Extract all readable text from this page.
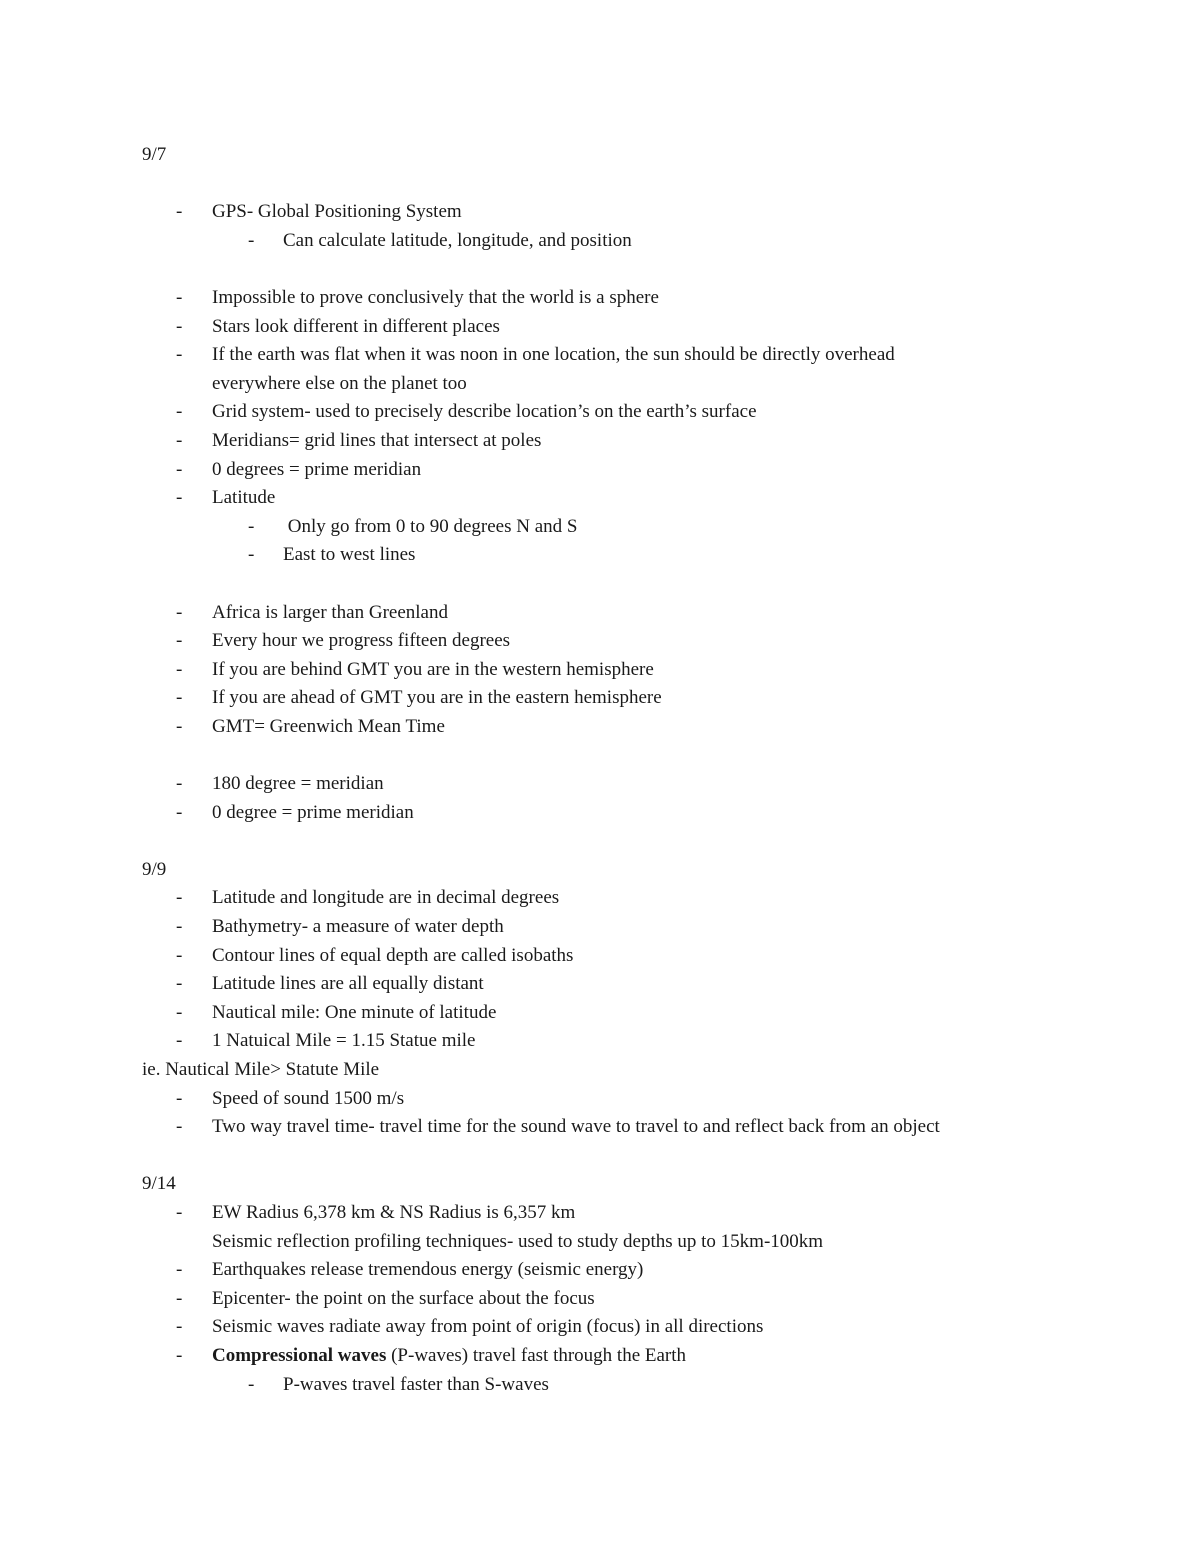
9/7
- GPS- Global Positioning System
- Can calculate latitude, longitude, and position
- Impossible to prove conclusively that the world is a sphere
- Stars look different in different places
- If the earth was flat when it was noon in one location, the sun should be directly overhead
everywhere else on the planet too
- Grid system- used to precisely describe location’s on the earth’s surface
- Meridians= grid lines that intersect at poles
- 0 degrees = prime meridian
- Latitude
- Only go from 0 to 90 degrees N and S
- East to west lines
- Africa is larger than Greenland
- Every hour we progress fifteen degrees
- If you are behind GMT you are in the western hemisphere
- If you are ahead of GMT you are in the eastern hemisphere
- GMT= Greenwich Mean Time
- 180 degree = meridian
- 0 degree = prime meridian
9/9
- Latitude and longitude are in decimal degrees
- Bathymetry- a measure of water depth
- Contour lines of equal depth are called isobaths
- Latitude lines are all equally distant
- Nautical mile: One minute of latitude
- 1 Natuical Mile = 1.15 Statue mile
ie. Nautical Mile> Statute Mile
- Speed of sound 1500 m/s
- Two way travel time- travel time for the sound wave to travel to and reflect back from an object
9/14
- EW Radius 6,378 km & NS Radius is 6,357 km
Seismic reflection profiling techniques- used to study depths up to 15km-100km
- Earthquakes release tremendous energy (seismic energy)
- Epicenter- the point on the surface about the focus
- Seismic waves radiate away from point of origin (focus) in all directions
- Compressional waves (P-waves) travel fast through the Earth
- P-waves travel faster than S-waves
